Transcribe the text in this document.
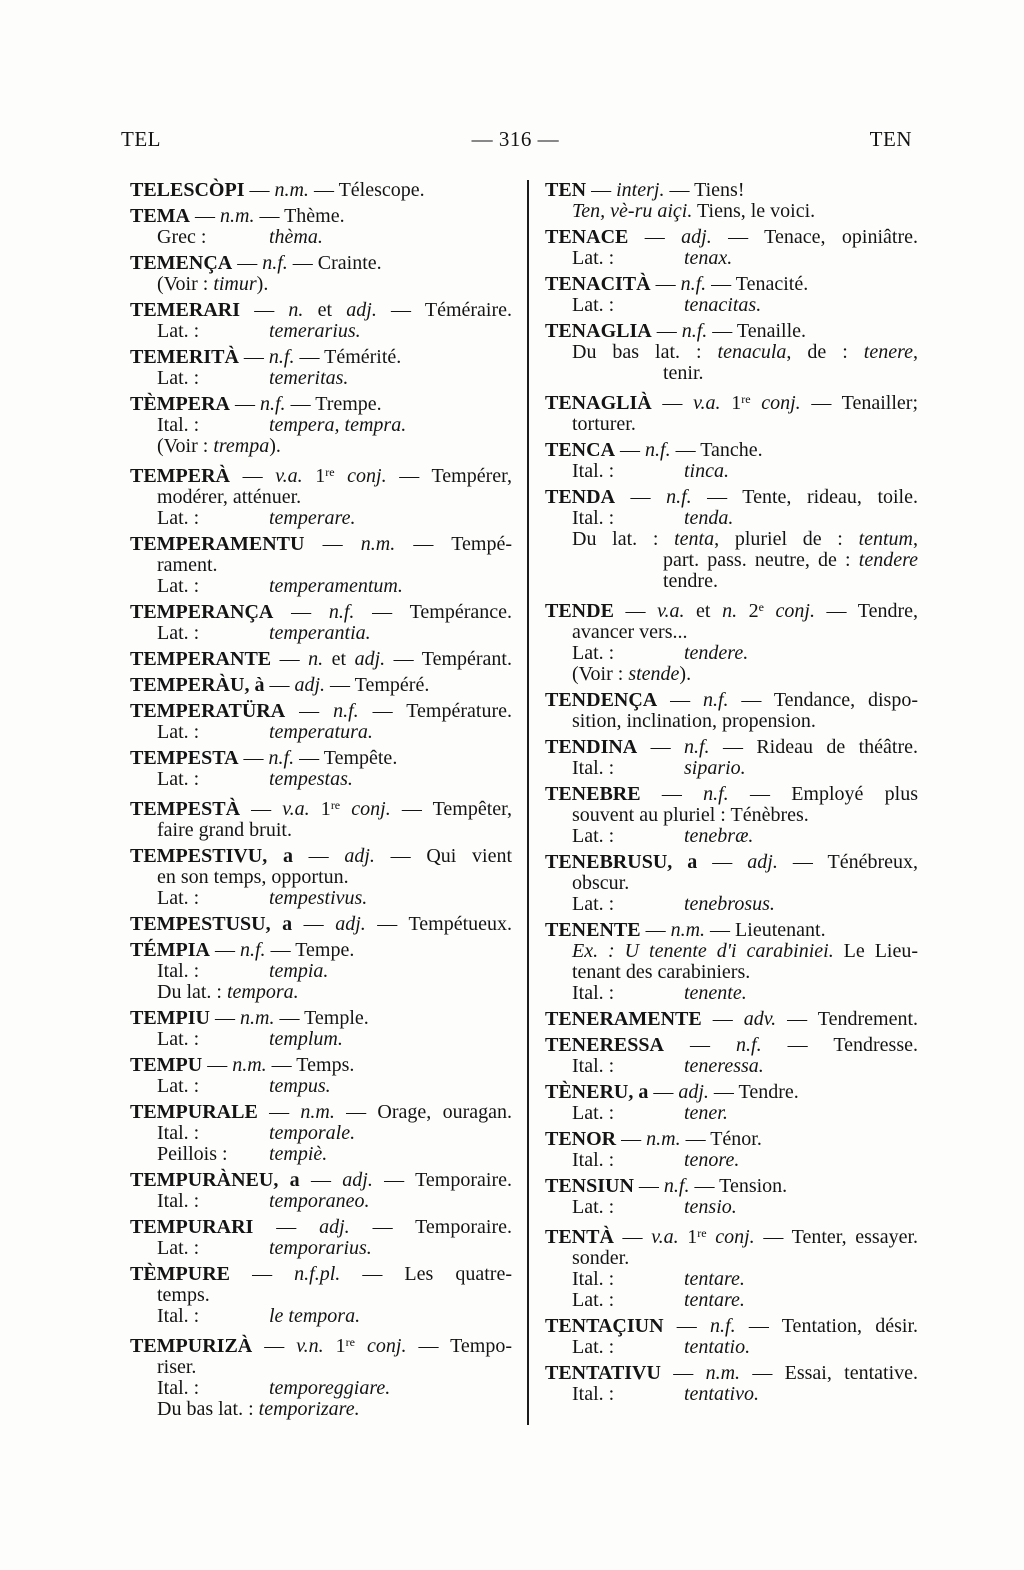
TEL	— 316 —	TEN
TELESCÒPI — n.m. — Télescope.
TEMA — n.m. — Thème.
Grec :	thèma.
TEMENÇA — n.f. — Crainte.
(Voir : timur).
TEMERARI — n. et adj. — Téméraire.
Lat. :	temerarius.
TEMERITÀ — n.f. — Témérité.
Lat. :	temeritas.
TÈMPERA — n.f. — Trempe.
Ital. :	tempera, tempra.
(Voir : trempa).
TEMPERÀ — v.a. 1re conj. — Tempérer,
modérer, atténuer.
Lat. :	temperare.
TEMPERAMENTU — n.m. — Tempé-
rament.
Lat. :	temperamentum.
TEMPERANÇA — n.f. — Tempérance.
Lat. :	temperantia.
TEMPERANTE — n. et adj. — Tempérant.
TEMPERÀU, à — adj. — Tempéré.
TEMPERATÜRA — n.f. — Température.
Lat. :	temperatura.
TEMPESTA — n.f. — Tempête.
Lat. :	tempestas.
TEMPESTÀ — v.a. 1re conj. — Tempêter,
faire grand bruit.
TEMPESTIVU, a — adj. — Qui vient
en son temps, opportun.
Lat. :	tempestivus.
TEMPESTUSU, a — adj. — Tempétueux.
TÉMPIA — n.f. — Tempe.
Ital. :	tempia.
Du lat. : tempora.
TEMPIU — n.m. — Temple.
Lat. :	templum.
TEMPU — n.m. — Temps.
Lat. :	tempus.
TEMPURALE — n.m. — Orage, ouragan.
Ital. :	temporale.
Peillois : tempiè.
TEMPURÀNEU, a — adj. — Temporaire.
Ital. :	temporaneo.
TEMPURARI — adj. — Temporaire.
Lat. :	temporarius.
TÈMPURE — n.f.pl. — Les quatre-
temps.
Ital. :	le tempora.
TEMPURIZÀ — v.n. 1re conj. — Tempo-
riser.
Ital. :	temporeggiare.
Du bas lat. : temporizare.
TEN — interj. — Tiens!
Ten, vè-ru aiçi. Tiens, le voici.
TENACE — adj. — Tenace, opiniâtre.
Lat. :	tenax.
TENACITÀ — n.f. — Tenacité.
Lat. :	tenacitas.
TENAGLIA — n.f. — Tenaille.
Du bas lat. : tenacula, de : tenere,
tenir.
TENAGLIÀ — v.a. 1re conj. — Tenailler;
torturer.
TENCA — n.f. — Tanche.
Ital. :	tinca.
TENDA — n.f. — Tente, rideau, toile.
Ital. :	tenda.
Du lat. : tenta, pluriel de : tentum,
part. pass. neutre, de : tendere
tendre.
TENDE — v.a. et n. 2e conj. — Tendre,
avancer vers...
Lat. :	tendere.
(Voir : stende).
TENDENÇA — n.f. — Tendance, dispo-
sition, inclination, propension.
TENDINA — n.f. — Rideau de théâtre.
Ital. :	sipario.
TENEBRE — n.f. — Employé plus
souvent au pluriel : Ténèbres.
Lat. :	tenebræ.
TENEBRUSU, a — adj. — Ténébreux,
obscur.
Lat. :	tenebrosus.
TENENTE — n.m. — Lieutenant.
Ex. : U tenente d'i carabiniei. Le Lieu-
tenant des carabiniers.
Ital. :	tenente.
TENERAMENTE — adv. — Tendrement.
TENERESSA — n.f. — Tendresse.
Ital. :	teneressa.
TÈNERU, a — adj. — Tendre.
Lat. :	tener.
TENOR — n.m. — Ténor.
Ital. :	tenore.
TENSIUN — n.f. — Tension.
Lat. :	tensio.
TENTÀ — v.a. 1re conj. — Tenter, essayer.
sonder.
Ital. :	tentare.
Lat. :	tentare.
TENTAÇIUN — n.f. — Tentation, désir.
Lat. :	tentatio.
TENTATIVU — n.m. — Essai, tentative.
Ital. :	tentativo.
